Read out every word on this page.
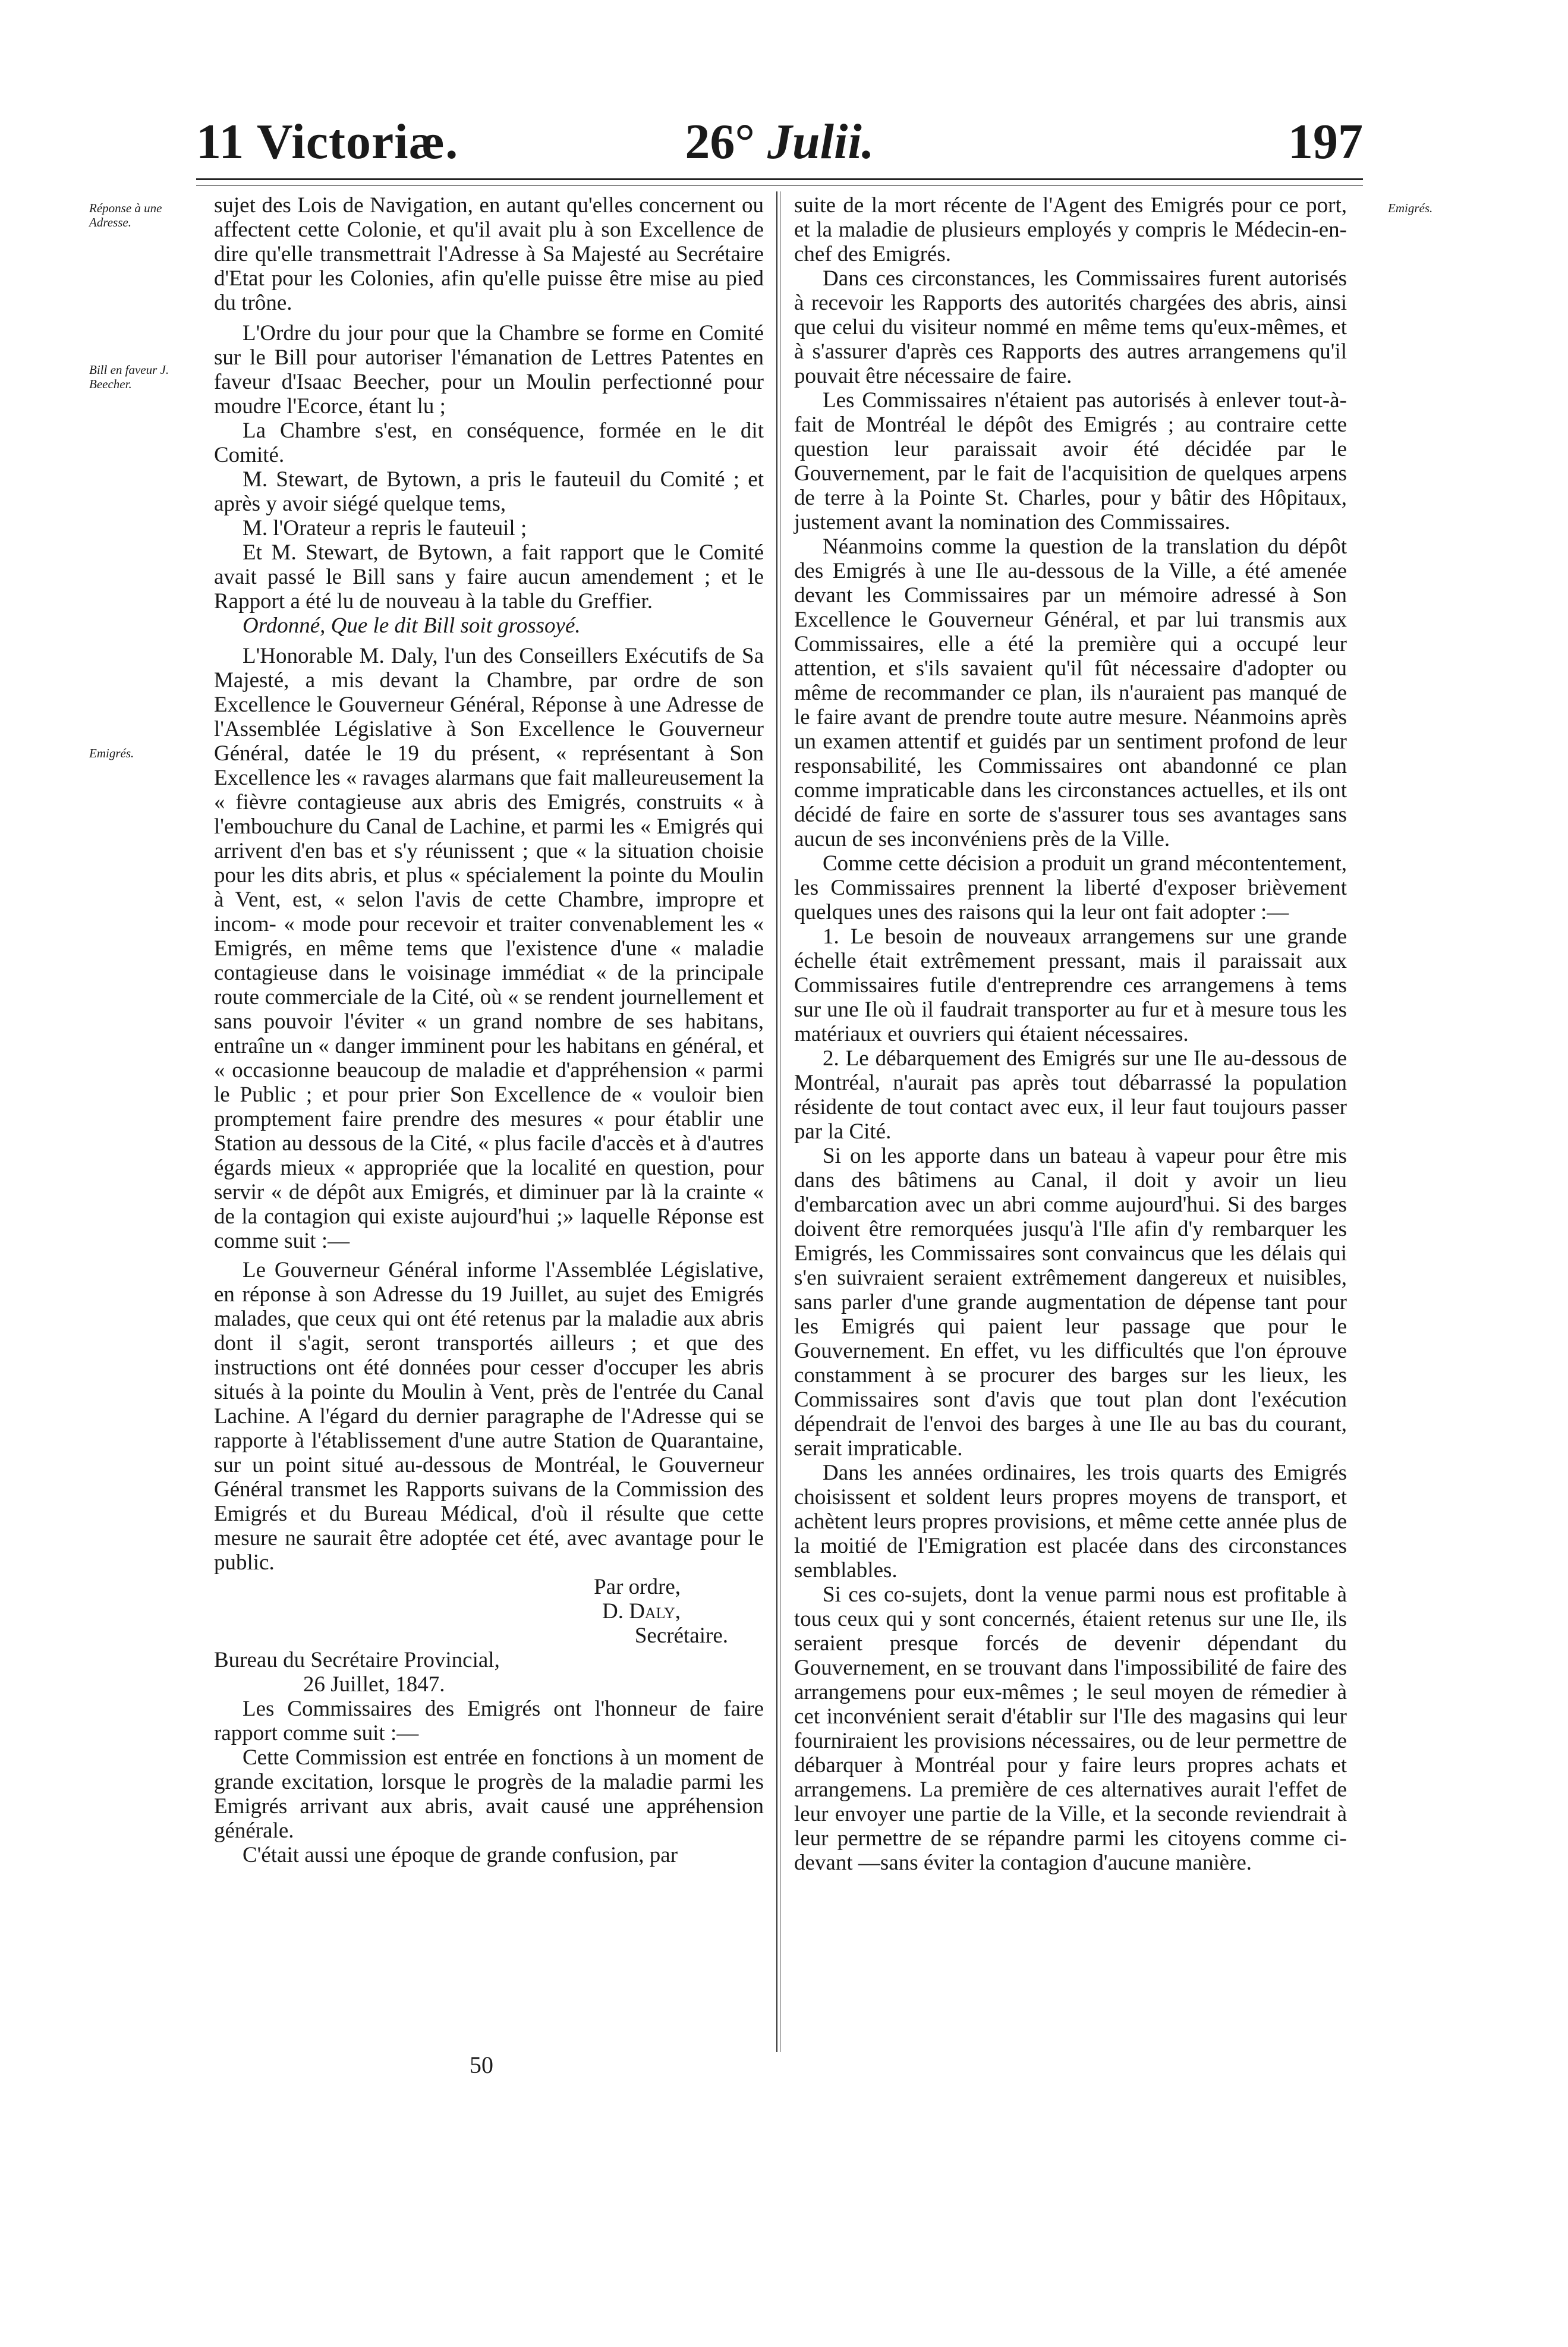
11 Victoriæ.	26° Julii.	197
Réponse à une Adresse.
Bill en faveur J. Beecher.
Emigrés.
Emigrés.

sujet des Lois de Navigation, en autant qu'elles concernent ou affectent cette Colonie, et qu'il avait plu à son Excellence de dire qu'elle transmettrait l'Adresse à Sa Majesté au Secrétaire d'Etat pour les Colonies, afin qu'elle puisse être mise au pied du trône.

L'Ordre du jour pour que la Chambre se forme en Comité sur le Bill pour autoriser l'émanation de Lettres Patentes en faveur d'Isaac Beecher, pour un Moulin perfectionné pour moudre l'Ecorce, étant lu ;

La Chambre s'est, en conséquence, formée en le dit Comité.

M. Stewart, de Bytown, a pris le fauteuil du Comité ; et après y avoir siégé quelque tems,

M. l'Orateur a repris le fauteuil ;

Et M. Stewart, de Bytown, a fait rapport que le Comité avait passé le Bill sans y faire aucun amendement ; et le Rapport a été lu de nouveau à la table du Greffier.

Ordonné, Que le dit Bill soit grossoyé.

L'Honorable M. Daly, l'un des Conseillers Exécutifs de Sa Majesté, a mis devant la Chambre, par ordre de son Excellence le Gouverneur Général, Réponse à une Adresse de l'Assemblée Législative à Son Excellence le Gouverneur Général, datée le 19 du présent, « représentant à Son Excellence les « ravages alarmans que fait malleureusement la « fièvre contagieuse aux abris des Emigrés, construits « à l'embouchure du Canal de Lachine, et parmi les « Emigrés qui arrivent d'en bas et s'y réunissent ; que « la situation choisie pour les dits abris, et plus « spécialement la pointe du Moulin à Vent, est, « selon l'avis de cette Chambre, impropre et incom- « mode pour recevoir et traiter convenablement les « Emigrés, en même tems que l'existence d'une « maladie contagieuse dans le voisinage immédiat « de la principale route commerciale de la Cité, où « se rendent journellement et sans pouvoir l'éviter « un grand nombre de ses habitans, entraîne un « danger imminent pour les habitans en général, et « occasionne beaucoup de maladie et d'appréhension « parmi le Public ; et pour prier Son Excellence de « vouloir bien promptement faire prendre des mesures « pour établir une Station au dessous de la Cité, « plus facile d'accès et à d'autres égards mieux « appropriée que la localité en question, pour servir « de dépôt aux Emigrés, et diminuer par là la crainte « de la contagion qui existe aujourd'hui ;» laquelle Réponse est comme suit :—

Le Gouverneur Général informe l'Assemblée Législative, en réponse à son Adresse du 19 Juillet, au sujet des Emigrés malades, que ceux qui ont été retenus par la maladie aux abris dont il s'agit, seront transportés ailleurs ; et que des instructions ont été données pour cesser d'occuper les abris situés à la pointe du Moulin à Vent, près de l'entrée du Canal Lachine. A l'égard du dernier paragraphe de l'Adresse qui se rapporte à l'établissement d'une autre Station de Quarantaine, sur un point situé au-dessous de Montréal, le Gouverneur Général transmet les Rapports suivans de la Commission des Emigrés et du Bureau Médical, d'où il résulte que cette mesure ne saurait être adoptée cet été, avec avantage pour le public.

Par ordre,

D. Daly,

Secrétaire.

Bureau du Secrétaire Provincial,

26 Juillet, 1847.

Les Commissaires des Emigrés ont l'honneur de faire rapport comme suit :—

Cette Commission est entrée en fonctions à un moment de grande excitation, lorsque le progrès de la maladie parmi les Emigrés arrivant aux abris, avait causé une appréhension générale.

C'était aussi une époque de grande confusion, par

suite de la mort récente de l'Agent des Emigrés pour ce port, et la maladie de plusieurs employés y compris le Médecin-en-chef des Emigrés.

Dans ces circonstances, les Commissaires furent autorisés à recevoir les Rapports des autorités chargées des abris, ainsi que celui du visiteur nommé en même tems qu'eux-mêmes, et à s'assurer d'après ces Rapports des autres arrangemens qu'il pouvait être nécessaire de faire.

Les Commissaires n'étaient pas autorisés à enlever tout-à-fait de Montréal le dépôt des Emigrés ; au contraire cette question leur paraissait avoir été décidée par le Gouvernement, par le fait de l'acquisition de quelques arpens de terre à la Pointe St. Charles, pour y bâtir des Hôpitaux, justement avant la nomination des Commissaires.

Néanmoins comme la question de la translation du dépôt des Emigrés à une Ile au-dessous de la Ville, a été amenée devant les Commissaires par un mémoire adressé à Son Excellence le Gouverneur Général, et par lui transmis aux Commissaires, elle a été la première qui a occupé leur attention, et s'ils savaient qu'il fût nécessaire d'adopter ou même de recommander ce plan, ils n'auraient pas manqué de le faire avant de prendre toute autre mesure. Néanmoins après un examen attentif et guidés par un sentiment profond de leur responsabilité, les Commissaires ont abandonné ce plan comme impraticable dans les circonstances actuelles, et ils ont décidé de faire en sorte de s'assurer tous ses avantages sans aucun de ses inconvéniens près de la Ville.

Comme cette décision a produit un grand mécontentement, les Commissaires prennent la liberté d'exposer brièvement quelques unes des raisons qui la leur ont fait adopter :—

1. Le besoin de nouveaux arrangemens sur une grande échelle était extrêmement pressant, mais il paraissait aux Commissaires futile d'entreprendre ces arrangemens à tems sur une Ile où il faudrait transporter au fur et à mesure tous les matériaux et ouvriers qui étaient nécessaires.

2. Le débarquement des Emigrés sur une Ile au-dessous de Montréal, n'aurait pas après tout débarrassé la population résidente de tout contact avec eux, il leur faut toujours passer par la Cité.

Si on les apporte dans un bateau à vapeur pour être mis dans des bâtimens au Canal, il doit y avoir un lieu d'embarcation avec un abri comme aujourd'hui. Si des barges doivent être remorquées jusqu'à l'Ile afin d'y rembarquer les Emigrés, les Commissaires sont convaincus que les délais qui s'en suivraient seraient extrêmement dangereux et nuisibles, sans parler d'une grande augmentation de dépense tant pour les Emigrés qui paient leur passage que pour le Gouvernement. En effet, vu les difficultés que l'on éprouve constamment à se procurer des barges sur les lieux, les Commissaires sont d'avis que tout plan dont l'exécution dépendrait de l'envoi des barges à une Ile au bas du courant, serait impraticable.

Dans les années ordinaires, les trois quarts des Emigrés choisissent et soldent leurs propres moyens de transport, et achètent leurs propres provisions, et même cette année plus de la moitié de l'Emigration est placée dans des circonstances semblables.

Si ces co-sujets, dont la venue parmi nous est profitable à tous ceux qui y sont concernés, étaient retenus sur une Ile, ils seraient presque forcés de devenir dépendant du Gouvernement, en se trouvant dans l'impossibilité de faire des arrangemens pour eux-mêmes ; le seul moyen de rémedier à cet inconvénient serait d'établir sur l'Ile des magasins qui leur fourniraient les provisions nécessaires, ou de leur permettre de débarquer à Montréal pour y faire leurs propres achats et arrangemens. La première de ces alternatives aurait l'effet de leur envoyer une partie de la Ville, et la seconde reviendrait à leur permettre de se répandre parmi les citoyens comme ci-devant —sans éviter la contagion d'aucune manière.

50
